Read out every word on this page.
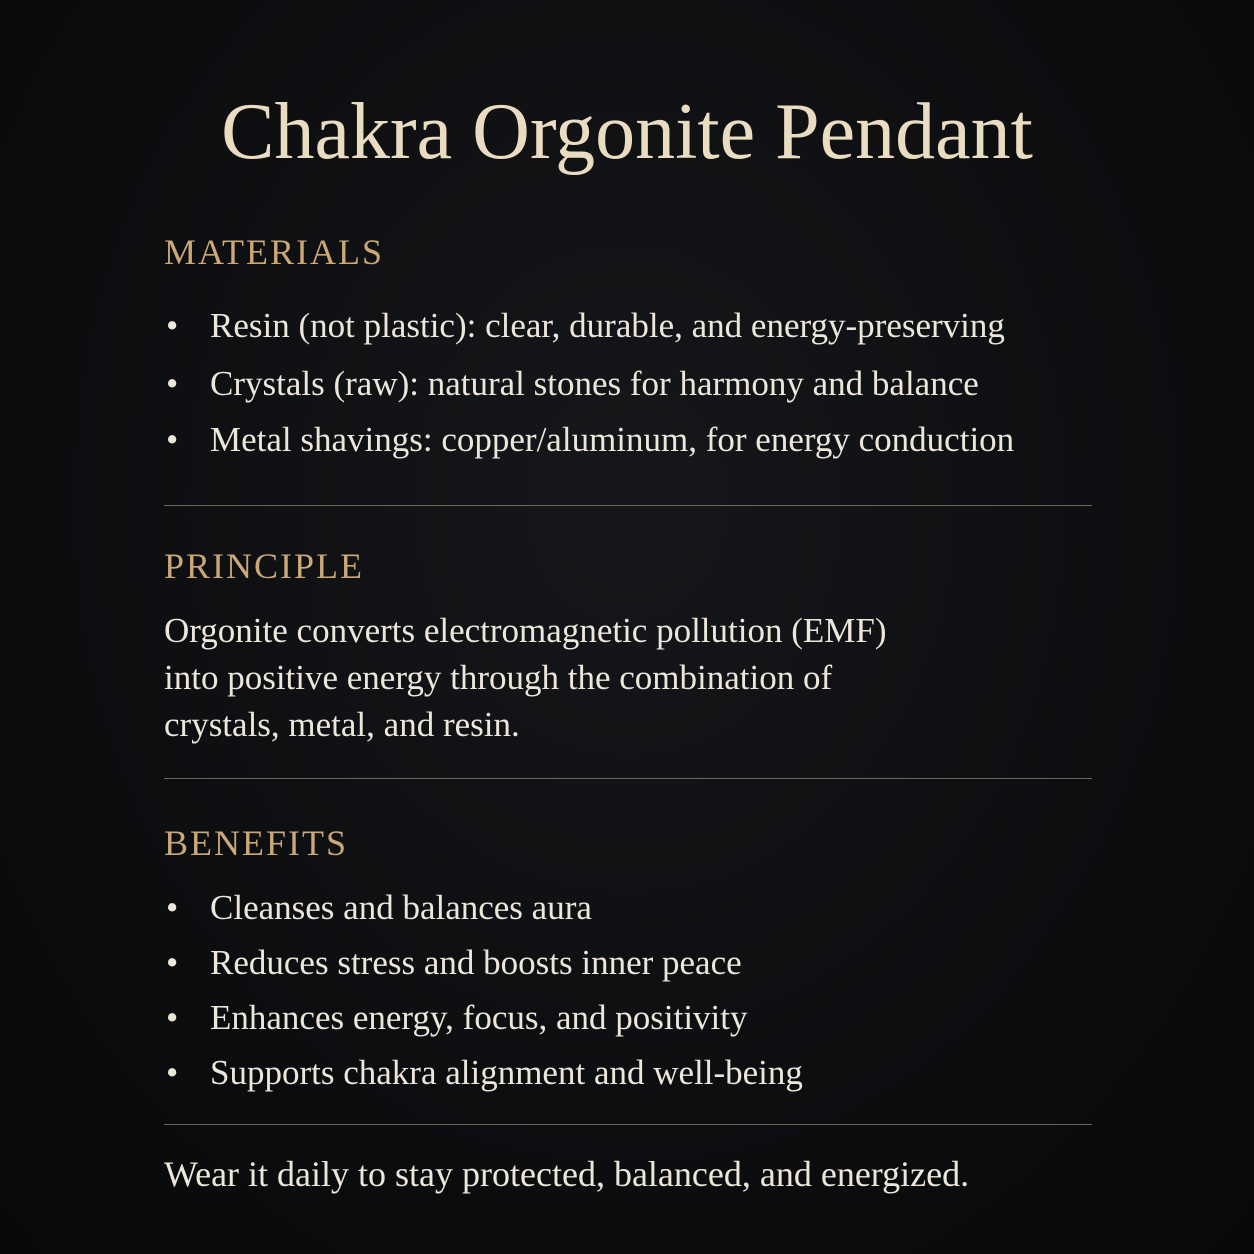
Chakra Orgonite Pendant
MATERIALS
• Resin (not plastic): clear, durable, and energy-preserving
• Crystals (raw): natural stones for harmony and balance
• Metal shavings: copper/aluminum, for energy conduction
PRINCIPLE
Orgonite converts electromagnetic pollution (EMF)
into positive energy through the combination of
crystals, metal, and resin.
BENEFITS
• Cleanses and balances aura
• Reduces stress and boosts inner peace
• Enhances energy, focus, and positivity
• Supports chakra alignment and well-being

Wear it daily to stay protected, balanced, and energized.
